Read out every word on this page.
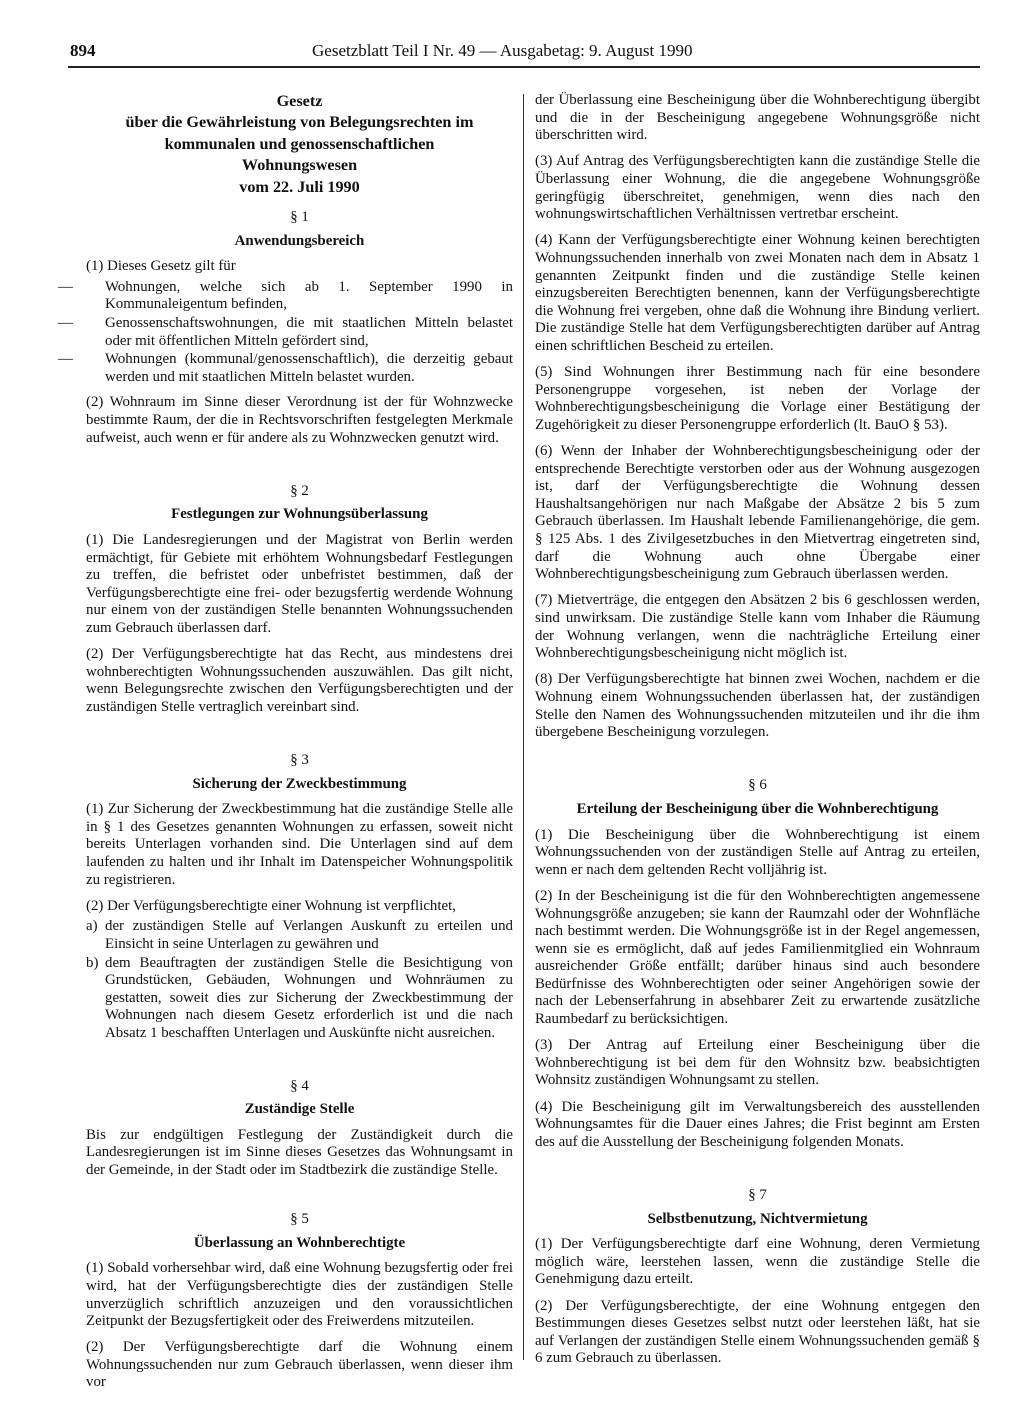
894	Gesetzblatt Teil I Nr. 49 — Ausgabetag: 9. August 1990
Gesetz
über die Gewährleistung von Belegungsrechten im
kommunalen und genossenschaftlichen
Wohnungswesen
vom 22. Juli 1990
§ 1
Anwendungsbereich

(1) Dieses Gesetz gilt für

— Wohnungen, welche sich ab 1. September 1990 in Kommunaleigentum befinden,
— Genossenschaftswohnungen, die mit staatlichen Mitteln belastet oder mit öffentlichen Mitteln gefördert sind,
— Wohnungen (kommunal/genossenschaftlich), die derzeitig gebaut werden und mit staatlichen Mitteln belastet wurden.

(2) Wohnraum im Sinne dieser Verordnung ist der für Wohnzwecke bestimmte Raum, der die in Rechtsvorschriften festgelegten Merkmale aufweist, auch wenn er für andere als zu Wohnzwecken genutzt wird.

§ 2
Festlegungen zur Wohnungsüberlassung

(1) Die Landesregierungen und der Magistrat von Berlin werden ermächtigt, für Gebiete mit erhöhtem Wohnungsbedarf Festlegungen zu treffen, die befristet oder unbefristet bestimmen, daß der Verfügungsberechtigte eine frei- oder bezugsfertig werdende Wohnung nur einem von der zuständigen Stelle benannten Wohnungssuchenden zum Gebrauch überlassen darf.

(2) Der Verfügungsberechtigte hat das Recht, aus mindestens drei wohnberechtigten Wohnungssuchenden auszuwählen. Das gilt nicht, wenn Belegungsrechte zwischen den Verfügungsberechtigten und der zuständigen Stelle vertraglich vereinbart sind.

§ 3
Sicherung der Zweckbestimmung

(1) Zur Sicherung der Zweckbestimmung hat die zuständige Stelle alle in § 1 des Gesetzes genannten Wohnungen zu erfassen, soweit nicht bereits Unterlagen vorhanden sind. Die Unterlagen sind auf dem laufenden zu halten und ihr Inhalt im Datenspeicher Wohnungspolitik zu registrieren.

(2) Der Verfügungsberechtigte einer Wohnung ist verpflichtet,

a) der zuständigen Stelle auf Verlangen Auskunft zu erteilen und Einsicht in seine Unterlagen zu gewähren und
b) dem Beauftragten der zuständigen Stelle die Besichtigung von Grundstücken, Gebäuden, Wohnungen und Wohnräumen zu gestatten, soweit dies zur Sicherung der Zweckbestimmung der Wohnungen nach diesem Gesetz erforderlich ist und die nach Absatz 1 beschafften Unterlagen und Auskünfte nicht ausreichen.
§ 4
Zuständige Stelle

Bis zur endgültigen Festlegung der Zuständigkeit durch die Landesregierungen ist im Sinne dieses Gesetzes das Wohnungsamt in der Gemeinde, in der Stadt oder im Stadtbezirk die zuständige Stelle.

§ 5
Überlassung an Wohnberechtigte

(1) Sobald vorhersehbar wird, daß eine Wohnung bezugsfertig oder frei wird, hat der Verfügungsberechtigte dies der zuständigen Stelle unverzüglich schriftlich anzuzeigen und den voraussichtlichen Zeitpunkt der Bezugsfertigkeit oder des Freiwerdens mitzuteilen.

(2) Der Verfügungsberechtigte darf die Wohnung einem Wohnungssuchenden nur zum Gebrauch überlassen, wenn dieser ihm vor

der Überlassung eine Bescheinigung über die Wohnberechtigung übergibt und die in der Bescheinigung angegebene Wohnungsgröße nicht überschritten wird.

(3) Auf Antrag des Verfügungsberechtigten kann die zuständige Stelle die Überlassung einer Wohnung, die die angegebene Wohnungsgröße geringfügig überschreitet, genehmigen, wenn dies nach den wohnungswirtschaftlichen Verhältnissen vertretbar erscheint.

(4) Kann der Verfügungsberechtigte einer Wohnung keinen berechtigten Wohnungssuchenden innerhalb von zwei Monaten nach dem in Absatz 1 genannten Zeitpunkt finden und die zuständige Stelle keinen einzugsbereiten Berechtigten benennen, kann der Verfügungsberechtigte die Wohnung frei vergeben, ohne daß die Wohnung ihre Bindung verliert. Die zuständige Stelle hat dem Verfügungsberechtigten darüber auf Antrag einen schriftlichen Bescheid zu erteilen.

(5) Sind Wohnungen ihrer Bestimmung nach für eine besondere Personengruppe vorgesehen, ist neben der Vorlage der Wohnberechtigungsbescheinigung die Vorlage einer Bestätigung der Zugehörigkeit zu dieser Personengruppe erforderlich (lt. BauO § 53).

(6) Wenn der Inhaber der Wohnberechtigungsbescheinigung oder der entsprechende Berechtigte verstorben oder aus der Wohnung ausgezogen ist, darf der Verfügungsberechtigte die Wohnung dessen Haushaltsangehörigen nur nach Maßgabe der Absätze 2 bis 5 zum Gebrauch überlassen. Im Haushalt lebende Familienangehörige, die gem. § 125 Abs. 1 des Zivilgesetzbuches in den Mietvertrag eingetreten sind, darf die Wohnung auch ohne Übergabe einer Wohnberechtigungsbescheinigung zum Gebrauch überlassen werden.

(7) Mietverträge, die entgegen den Absätzen 2 bis 6 geschlossen werden, sind unwirksam. Die zuständige Stelle kann vom Inhaber die Räumung der Wohnung verlangen, wenn die nachträgliche Erteilung einer Wohnberechtigungsbescheinigung nicht möglich ist.

(8) Der Verfügungsberechtigte hat binnen zwei Wochen, nachdem er die Wohnung einem Wohnungssuchenden überlassen hat, der zuständigen Stelle den Namen des Wohnungssuchenden mitzuteilen und ihr die ihm übergebene Bescheinigung vorzulegen.

§ 6
Erteilung der Bescheinigung über die Wohnberechtigung

(1) Die Bescheinigung über die Wohnberechtigung ist einem Wohnungssuchenden von der zuständigen Stelle auf Antrag zu erteilen, wenn er nach dem geltenden Recht volljährig ist.

(2) In der Bescheinigung ist die für den Wohnberechtigten angemessene Wohnungsgröße anzugeben; sie kann der Raumzahl oder der Wohnfläche nach bestimmt werden. Die Wohnungsgröße ist in der Regel angemessen, wenn sie es ermöglicht, daß auf jedes Familienmitglied ein Wohnraum ausreichender Größe entfällt; darüber hinaus sind auch besondere Bedürfnisse des Wohnberechtigten oder seiner Angehörigen sowie der nach der Lebenserfahrung in absehbarer Zeit zu erwartende zusätzliche Raumbedarf zu berücksichtigen.

(3) Der Antrag auf Erteilung einer Bescheinigung über die Wohnberechtigung ist bei dem für den Wohnsitz bzw. beabsichtigten Wohnsitz zuständigen Wohnungsamt zu stellen.

(4) Die Bescheinigung gilt im Verwaltungsbereich des ausstellenden Wohnungsamtes für die Dauer eines Jahres; die Frist beginnt am Ersten des auf die Ausstellung der Bescheinigung folgenden Monats.

§ 7
Selbstbenutzung, Nichtvermietung

(1) Der Verfügungsberechtigte darf eine Wohnung, deren Vermietung möglich wäre, leerstehen lassen, wenn die zuständige Stelle die Genehmigung dazu erteilt.

(2) Der Verfügungsberechtigte, der eine Wohnung entgegen den Bestimmungen dieses Gesetzes selbst nutzt oder leerstehen läßt, hat sie auf Verlangen der zuständigen Stelle einem Wohnungssuchenden gemäß § 6 zum Gebrauch zu überlassen.
